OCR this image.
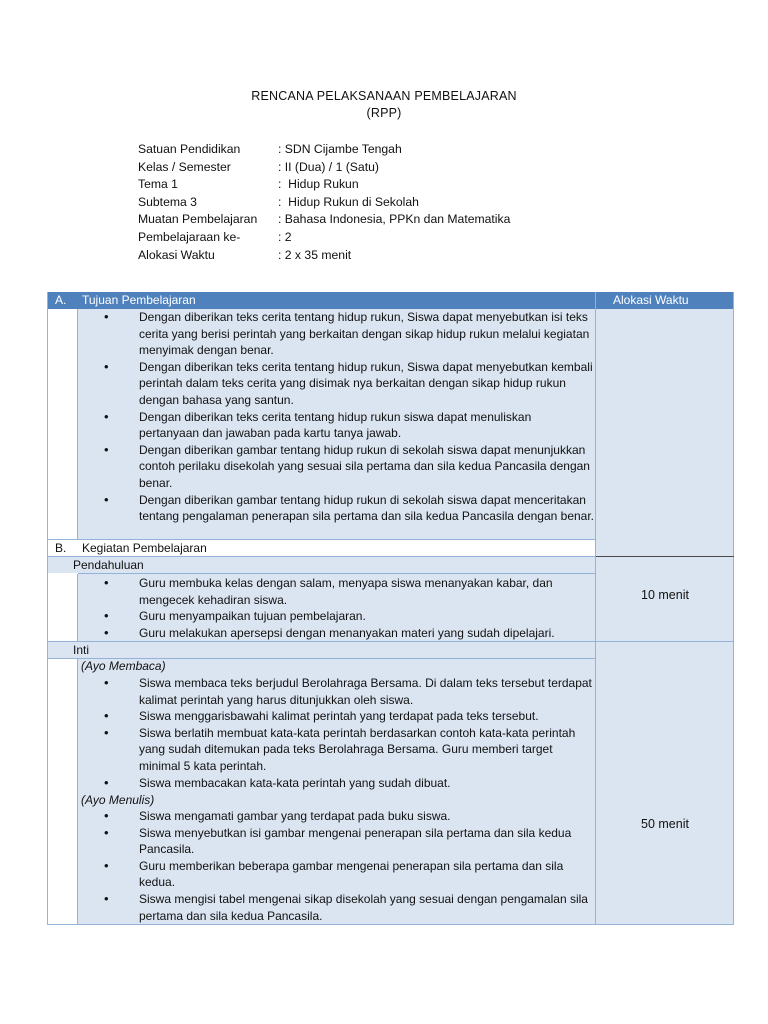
RENCANA PELAKSANAAN PEMBELAJARAN
(RPP)
Satuan Pendidikan	: SDN Cijambe Tengah
Kelas / Semester	: II (Dua) / 1 (Satu)
Tema 1	:  Hidup Rukun
Subtema 3	:  Hidup Rukun di Sekolah
Muatan Pembelajaran	: Bahasa Indonesia, PPKn dan Matematika
Pembelajaraan ke-	: 2
Alokasi Waktu	: 2 x 35 menit
A. Tujuan Pembelajaran	Alokasi Waktu
• Dengan diberikan teks cerita tentang hidup rukun, Siswa dapat menyebutkan isi teks cerita yang berisi perintah yang berkaitan dengan sikap hidup rukun melalui kegiatan menyimak dengan benar.
• Dengan diberikan teks cerita tentang hidup rukun, Siswa dapat menyebutkan kembali perintah dalam teks cerita yang disimak nya berkaitan dengan sikap hidup rukun dengan bahasa yang santun.
• Dengan diberikan teks cerita tentang hidup rukun siswa dapat menuliskan pertanyaan dan jawaban pada kartu tanya jawab.
• Dengan diberikan gambar tentang hidup rukun di sekolah siswa dapat menunjukkan contoh perilaku disekolah yang sesuai sila pertama dan sila kedua Pancasila dengan benar.
• Dengan diberikan gambar tentang hidup rukun di sekolah siswa dapat menceritakan tentang pengalaman penerapan sila pertama dan sila kedua Pancasila dengan benar.
B. Kegiatan Pembelajaran
Pendahuluan
• Guru membuka kelas dengan salam, menyapa siswa menanyakan kabar, dan mengecek kehadiran siswa.
• Guru menyampaikan tujuan pembelajaran.
• Guru melakukan apersepsi dengan menanyakan materi yang sudah dipelajari.
10 menit
Inti
(Ayo Membaca)
• Siswa membaca teks berjudul Berolahraga Bersama. Di dalam teks tersebut terdapat kalimat perintah yang harus ditunjukkan oleh siswa.
• Siswa menggarisbawahi kalimat perintah yang terdapat pada teks tersebut.
• Siswa berlatih membuat kata-kata perintah berdasarkan contoh kata-kata perintah yang sudah ditemukan pada teks Berolahraga Bersama. Guru memberi target minimal 5 kata perintah.
• Siswa membacakan kata-kata perintah yang sudah dibuat.
(Ayo Menulis)
• Siswa mengamati gambar yang terdapat pada buku siswa.
• Siswa menyebutkan isi gambar mengenai penerapan sila pertama dan sila kedua Pancasila.
• Guru memberikan beberapa gambar mengenai penerapan sila pertama dan sila kedua.
• Siswa mengisi tabel mengenai sikap disekolah yang sesuai dengan pengamalan sila pertama dan sila kedua Pancasila.
50 menit
